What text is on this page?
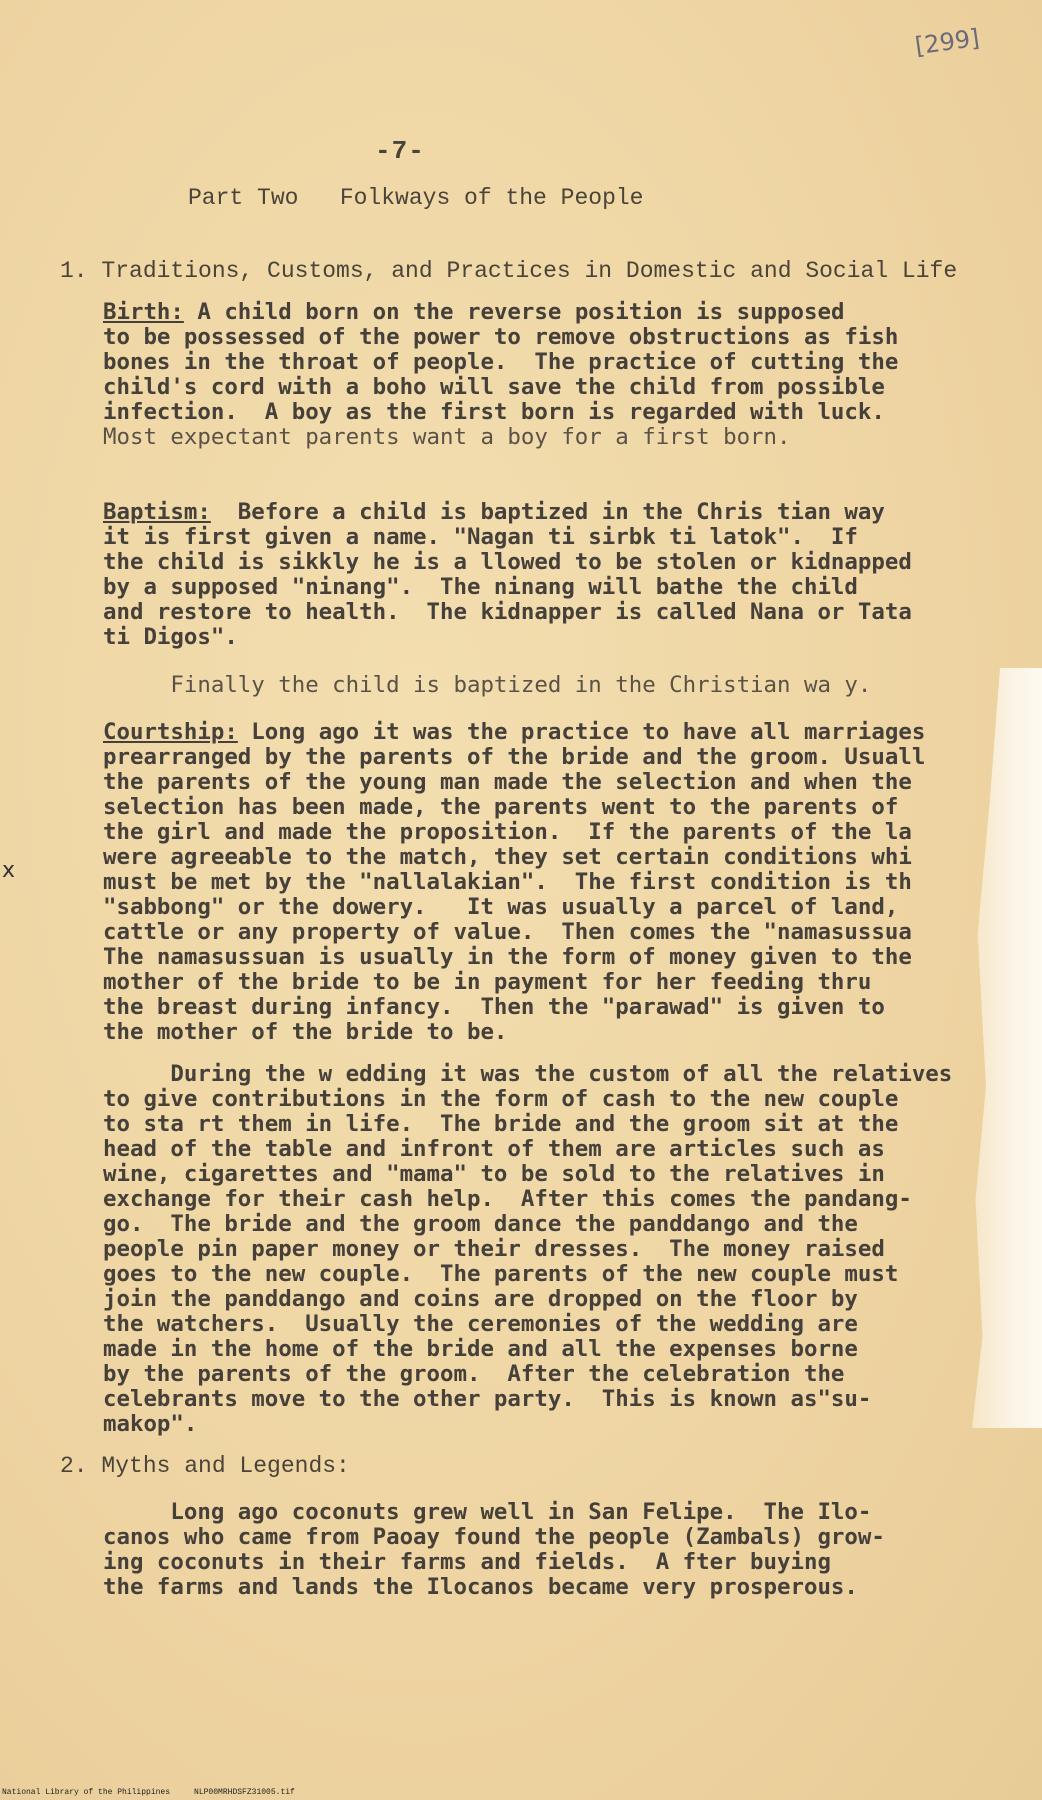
[299]
-7-
Part Two   Folkways of the People
1. Traditions, Customs, and Practices in Domestic and Social Life
Birth: A child born on the reverse position is supposed
to be possessed of the power to remove obstructions as fish
bones in the throat of people.  The practice of cutting the
child's cord with a boho will save the child from possible
infection.  A boy as the first born is regarded with luck.
Most expectant parents want a boy for a first born.
Baptism:  Before a child is baptized in the Chris tian way
it is first given a name. "Nagan ti sirbk ti latok".  If
the child is sikkly he is a llowed to be stolen or kidnapped
by a supposed "ninang".  The ninang will bathe the child
and restore to health.  The kidnapper is called Nana or Tata
ti Digos".
Finally the child is baptized in the Christian wa y.
Courtship: Long ago it was the practice to have all marriages
prearranged by the parents of the bride and the groom. Usuall
the parents of the young man made the selection and when the
selection has been made, the parents went to the parents of
the girl and made the proposition.  If the parents of the la
were agreeable to the match, they set certain conditions whi
must be met by the "nallalakian".  The first condition is th
"sabbong" or the dowery.   It was usually a parcel of land,
cattle or any property of value.  Then comes the "namasussua
The namasussuan is usually in the form of money given to the
mother of the bride to be in payment for her feeding thru
the breast during infancy.  Then the "parawad" is given to
the mother of the bride to be.
During the w edding it was the custom of all the relatives
to give contributions in the form of cash to the new couple
to sta rt them in life.  The bride and the groom sit at the
head of the table and infront of them are articles such as
wine, cigarettes and "mama" to be sold to the relatives in
exchange for their cash help.  After this comes the pandang-
go.  The bride and the groom dance the panddango and the
people pin paper money or their dresses.  The money raised
goes to the new couple.  The parents of the new couple must
join the panddango and coins are dropped on the floor by
the watchers.  Usually the ceremonies of the wedding are
made in the home of the bride and all the expenses borne
by the parents of the groom.  After the celebration the
celebrants move to the other party.  This is known as"su-
makop".
2. Myths and Legends:
Long ago coconuts grew well in San Felipe.  The Ilo-
canos who came from Paoay found the people (Zambals) grow-
ing coconuts in their farms and fields.  A fter buying
the farms and lands the Ilocanos became very prosperous.
x
National Library of the Philippines     NLP00MRHDSFZ31005.tif
